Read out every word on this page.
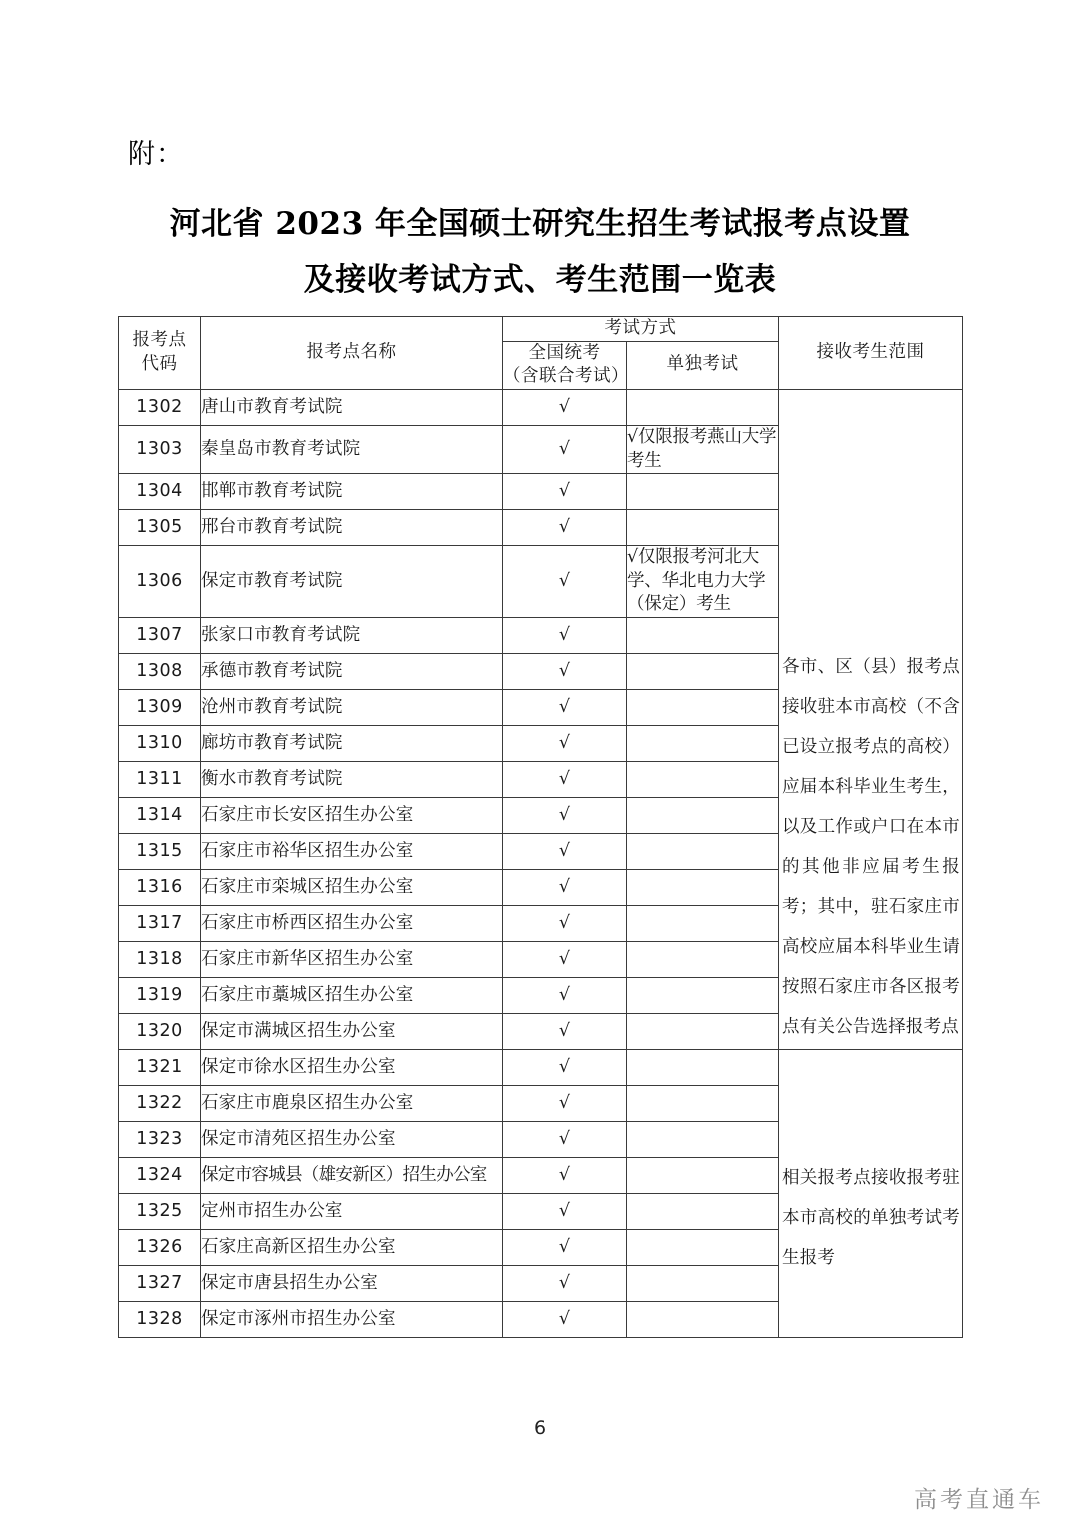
附：
河北省 2023 年全国硕士研究生招生考试报考点设置
及接收考试方式、考生范围一览表
报考点
代码	报考点名称	考试方式		接收考生范围

		全国统考
（含联合考试）	单独考试	
1302	唐山市教育考试院	√		各市、区（县）报考点接收驻本市高校（不含已设立报考点的高校）应届本科毕业生考生，以及工作或户口在本市的其他非应届考生报考；其中，驻石家庄市高校应届本科毕业生请按照石家庄市各区报考点有关公告选择报考点

1303	秦皇岛市教育考试院	√	√仅限报考燕山大学考生	
1304	邯郸市教育考试院	√		
1305	邢台市教育考试院	√		
1306	保定市教育考试院	√	√仅限报考河北大学、华北电力大学（保定）考生	
1307	张家口市教育考试院	√		
1308	承德市教育考试院	√		
1309	沧州市教育考试院	√		
1310	廊坊市教育考试院	√		
1311	衡水市教育考试院	√		
1314	石家庄市长安区招生办公室	√		
1315	石家庄市裕华区招生办公室	√		
1316	石家庄市栾城区招生办公室	√		
1317	石家庄市桥西区招生办公室	√		
1318	石家庄市新华区招生办公室	√		
1319	石家庄市藁城区招生办公室	√		
1320	保定市满城区招生办公室	√		
1321	保定市徐水区招生办公室	√		相关报考点接收报考驻本市高校的单独考试考生报考

1322	石家庄市鹿泉区招生办公室	√		
1323	保定市清苑区招生办公室	√		
1324	保定市容城县（雄安新区）招生办公室	√		
1325	定州市招生办公室	√		
1326	石家庄高新区招生办公室	√		
1327	保定市唐县招生办公室	√		
1328	保定市涿州市招生办公室	√		
6
高考直通车
